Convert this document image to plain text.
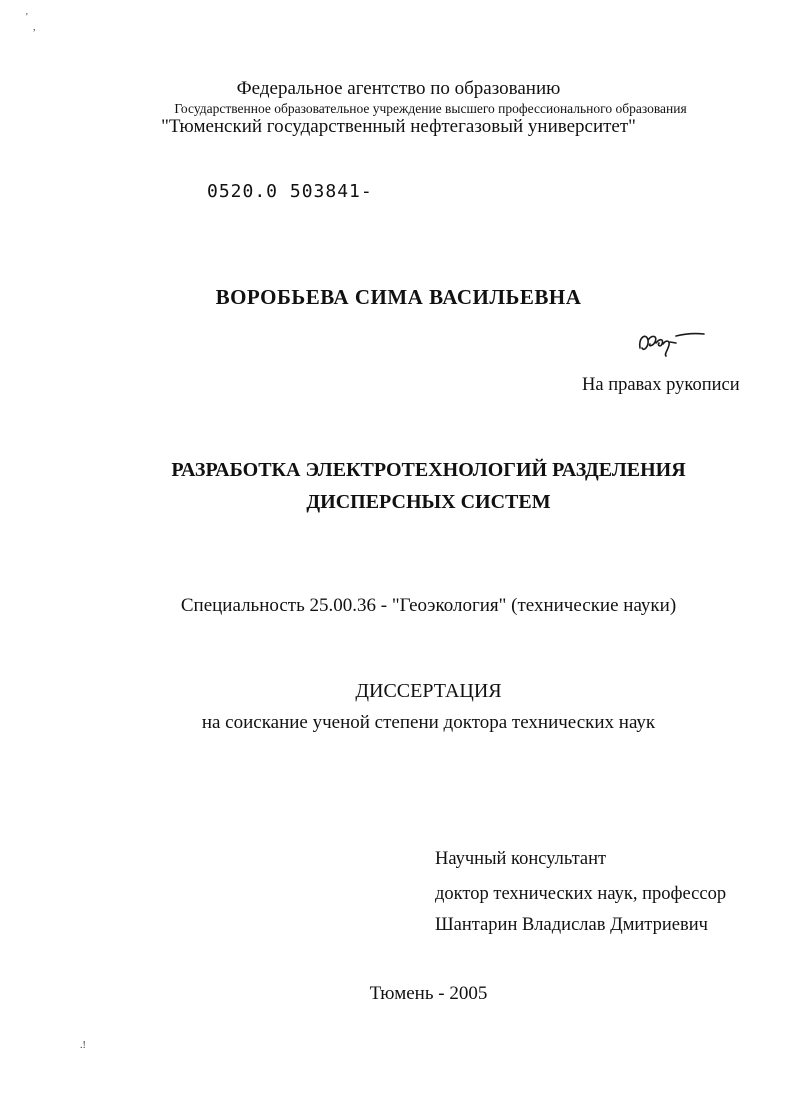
'
,
.!
Федеральное агентство по образованию
Государственное образовательное учреждение высшего профессионального образования
"Тюменский государственный нефтегазовый университет"
0520.0 503841-
ВОРОБЬЕВА СИМА ВАСИЛЬЕВНА
На правах рукописи
РАЗРАБОТКА ЭЛЕКТРОТЕХНОЛОГИЙ РАЗДЕЛЕНИЯ
ДИСПЕРСНЫХ СИСТЕМ
Специальность 25.00.36 - "Геоэкология" (технические науки)
ДИССЕРТАЦИЯ
на соискание ученой степени доктора технических наук
Научный консультант
доктор технических наук, профессор
Шантарин Владислав Дмитриевич
Тюмень - 2005
